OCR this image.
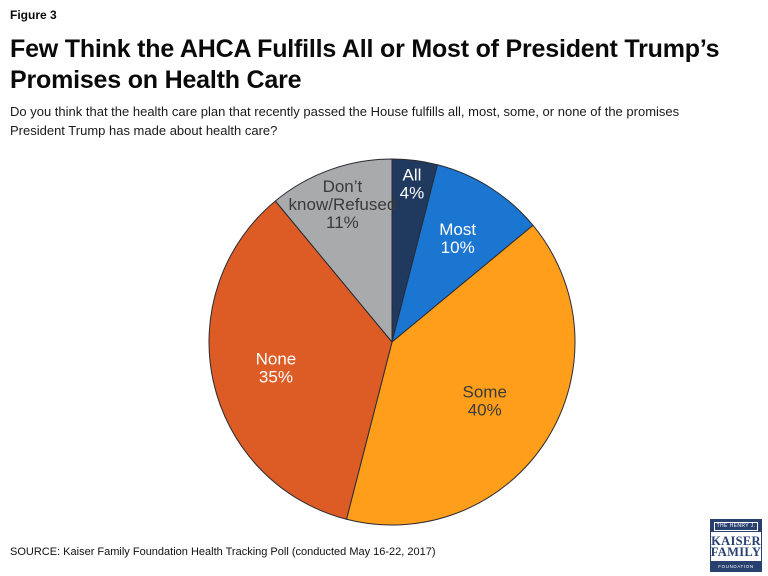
Figure 3
Few Think the AHCA Fulfills All or Most of President Trump’s
Promises on Health Care
Do you think that the health care plan that recently passed the House fulfills all, most, some, or none of the promises
President Trump has made about health care?
All 4%
Most 10%
Some 40%
None 35%
Don’t know/Refused 11%
SOURCE: Kaiser Family Foundation Health Tracking Poll (conducted May 16-22, 2017)
THE HENRY J.
KAISER
FAMILY
FOUNDATION
